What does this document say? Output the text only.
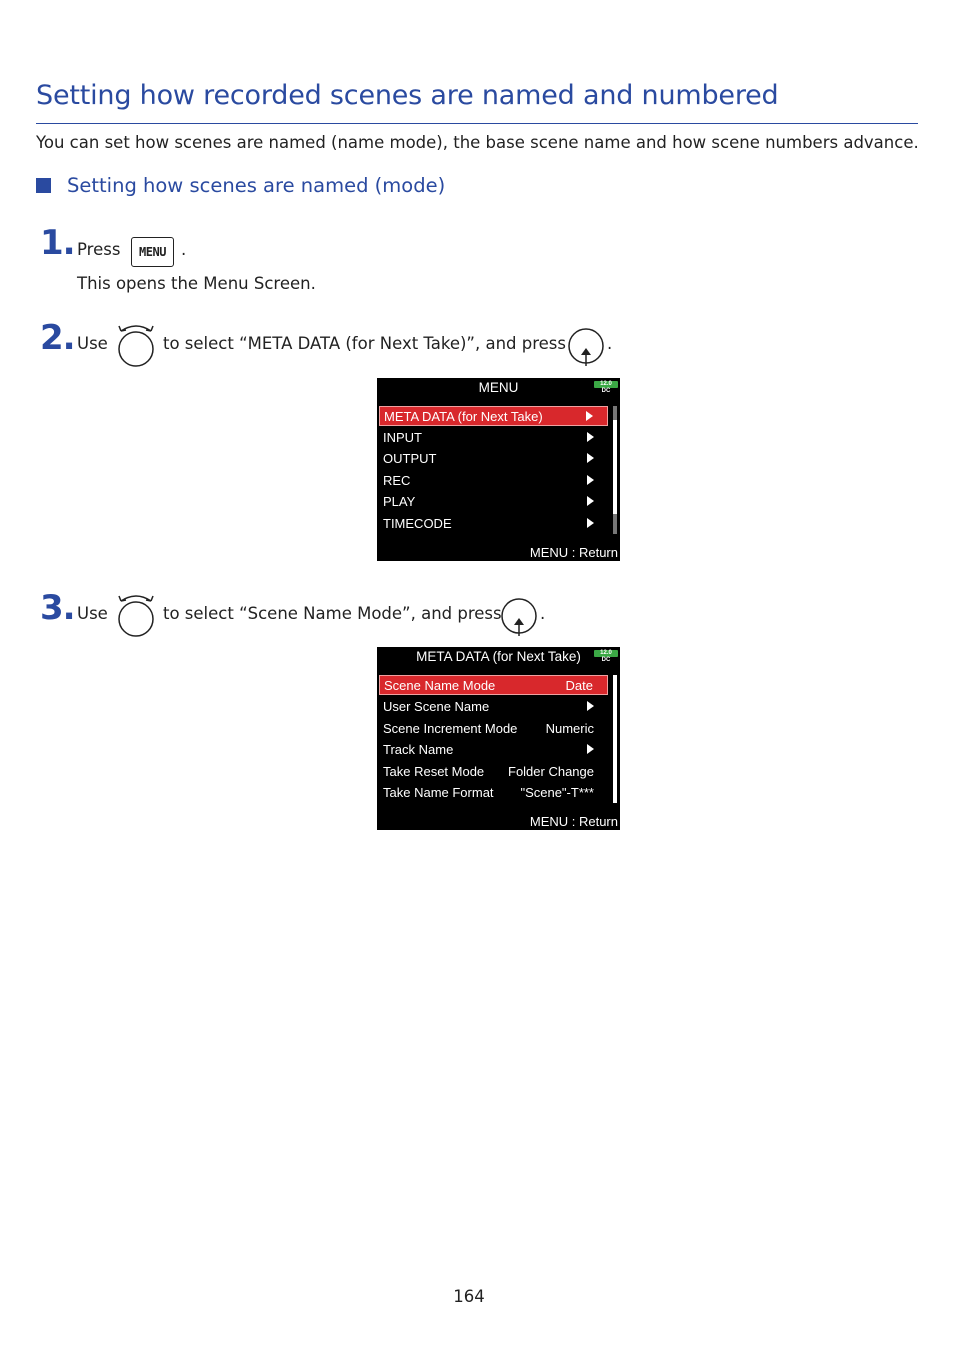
Setting how recorded scenes are named and numbered
You can set how scenes are named (name mode), the base scene name and how scene numbers advance.
Setting how scenes are named (mode)
1. Press	MENU .
This opens the Menu Screen.
2. Use	to select “META DATA (for Next Take)”, and press .
MENU	12.0
DC
META DATA (for Next Take)
INPUT
OUTPUT
REC
PLAY
TIMECODE
MENU : Return
3. Use	to select “Scene Name Mode”, and press .
META DATA (for Next Take)	12.0
DC
Scene Name Mode	Date
User Scene Name
Scene Increment Mode Numeric
Track Name
Take Reset Mode Folder Change
Take Name Format "Scene"-T***
MENU : Return
164
